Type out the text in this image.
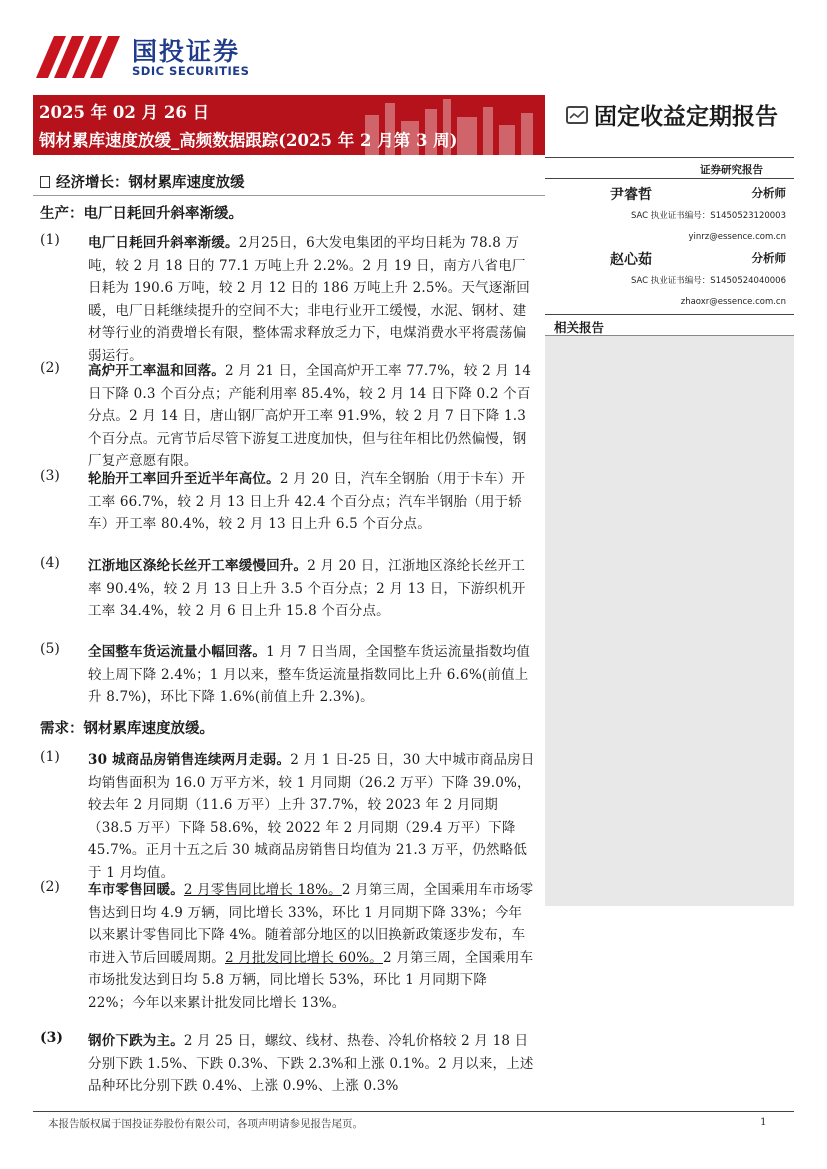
国投证券
SDIC SECURITIES
2025 年 02 月 26 日
钢材累库速度放缓_高频数据跟踪(2025 年 2 月第 3 周)
固定收益定期报告
证券研究报告
尹睿哲	分析师
SAC 执业证书编号：S1450523120003
yinrz@essence.com.cn
赵心茹	分析师
SAC 执业证书编号：S1450524040006
zhaoxr@essence.com.cn
相关报告
经济增长：钢材累库速度放缓
生产：电厂日耗回升斜率渐缓。
(1) 电厂日耗回升斜率渐缓。2月25日，6大发电集团的平均日耗为 78.8 万吨，较 2 月 18 日的 77.1 万吨上升 2.2%。2 月 19 日，南方八省电厂日耗为 190.6 万吨，较 2 月 12 日的 186 万吨上升 2.5%。天气逐渐回暖，电厂日耗继续提升的空间不大；非电行业开工缓慢，水泥、钢材、建材等行业的消费增长有限，整体需求释放乏力下，电煤消费水平将震荡偏弱运行。
(2) 高炉开工率温和回落。2 月 21 日，全国高炉开工率 77.7%，较 2 月 14 日下降 0.3 个百分点；产能利用率 85.4%，较 2 月 14 日下降 0.2 个百分点。2 月 14 日，唐山钢厂高炉开工率 91.9%，较 2 月 7 日下降 1.3 个百分点。元宵节后尽管下游复工进度加快，但与往年相比仍然偏慢，钢厂复产意愿有限。
(3) 轮胎开工率回升至近半年高位。2 月 20 日，汽车全钢胎（用于卡车）开工率 66.7%，较 2 月 13 日上升 42.4 个百分点；汽车半钢胎（用于轿车）开工率 80.4%，较 2 月 13 日上升 6.5 个百分点。
(4) 江浙地区涤纶长丝开工率缓慢回升。2 月 20 日，江浙地区涤纶长丝开工率 90.4%，较 2 月 13 日上升 3.5 个百分点；2 月 13 日，下游织机开工率 34.4%，较 2 月 6 日上升 15.8 个百分点。
(5) 全国整车货运流量小幅回落。1 月 7 日当周，全国整车货运流量指数均值较上周下降 2.4%；1 月以来，整车货运流量指数同比上升 6.6%(前值上升 8.7%)，环比下降 1.6%(前值上升 2.3%)。
需求：钢材累库速度放缓。
(1) 30 城商品房销售连续两月走弱。2 月 1 日-25 日，30 大中城市商品房日均销售面积为 16.0 万平方米，较 1 月同期（26.2 万平）下降 39.0%，较去年 2 月同期（11.6 万平）上升 37.7%，较 2023 年 2 月同期（38.5 万平）下降 58.6%，较 2022 年 2 月同期（29.4 万平）下降 45.7%。正月十五之后 30 城商品房销售日均值为 21.3 万平，仍然略低于 1 月均值。
(2) 车市零售回暖。2 月零售同比增长 18%。2 月第三周，全国乘用车市场零售达到日均 4.9 万辆，同比增长 33%，环比 1 月同期下降 33%；今年以来累计零售同比下降 4%。随着部分地区的以旧换新政策逐步发布，车市进入节后回暖周期。2 月批发同比增长 60%。2 月第三周，全国乘用车市场批发达到日均 5.8 万辆，同比增长 53%，环比 1 月同期下降 22%；今年以来累计批发同比增长 13%。
(3) 钢价下跌为主。2 月 25 日，螺纹、线材、热卷、冷轧价格较 2 月 18 日分别下跌 1.5%、下跌 0.3%、下跌 2.3%和上涨 0.1%。2 月以来，上述品种环比分别下跌 0.4%、上涨 0.9%、上涨 0.3%
本报告版权属于国投证券股份有限公司，各项声明请参见报告尾页。	1
